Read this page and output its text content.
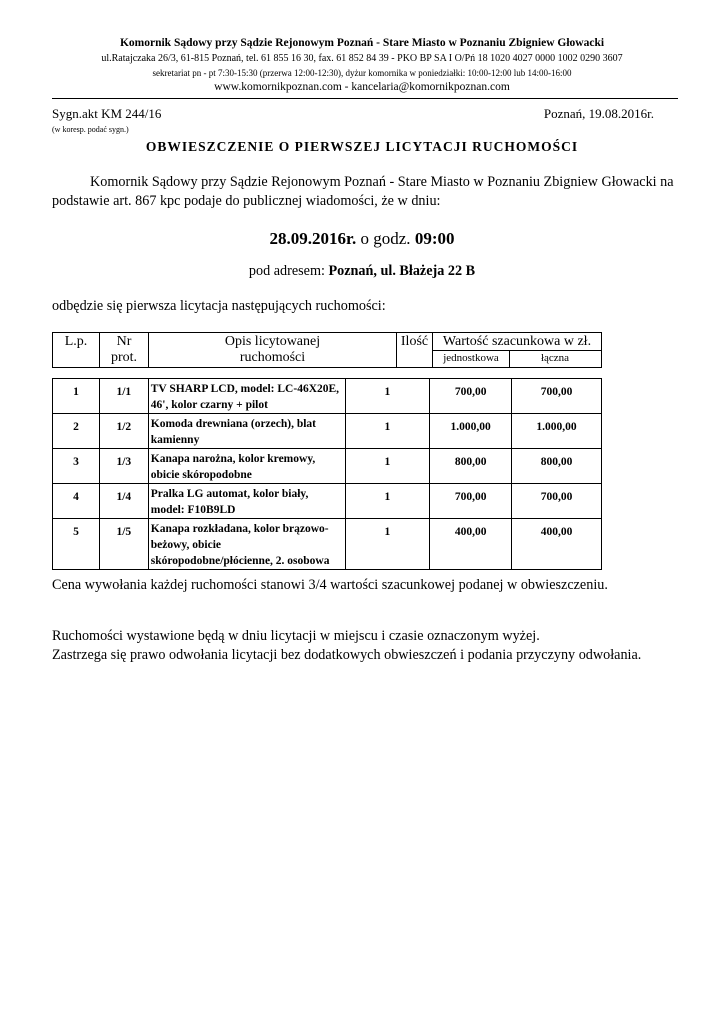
Komornik Sądowy przy Sądzie Rejonowym Poznań - Stare Miasto w Poznaniu Zbigniew Głowacki
ul.Ratajczaka 26/3, 61-815 Poznań, tel. 61 855 16 30, fax. 61 852 84 39 - PKO BP SA I O/Pń 18 1020 4027 0000 1002 0290 3607
sekretariat pn - pt 7:30-15:30 (przerwa 12:00-12:30), dyżur komornika w poniedziałki: 10:00-12:00 lub 14:00-16:00
www.komornikpoznan.com - kancelaria@komornikpoznan.com
Sygn.akt KM 244/16	Poznań, 19.08.2016r.
(w koresp. podać sygn.)
OBWIESZCZENIE O PIERWSZEJ LICYTACJI RUCHOMOŚCI
Komornik Sądowy przy Sądzie Rejonowym Poznań - Stare Miasto w Poznaniu Zbigniew Głowacki na podstawie art. 867 kpc podaje do publicznej wiadomości, że w dniu:
28.09.2016r. o godz. 09:00
pod adresem: Poznań, ul. Błażeja 22 B
odbędzie się pierwsza licytacja następujących ruchomości:
L.p.	Nr
prot.
Opis licytowanej
ruchomości
Ilość	Wartość szacunkowa w zł.
jednostkowa	łączna
1	1/1	TV SHARP LCD, model: LC-46X20E, 46', kolor czarny + pilot	1	700,00	700,00
2	1/2	Komoda drewniana (orzech), blat kamienny	1	1.000,00	1.000,00
3	1/3	Kanapa narożna, kolor kremowy, obicie skóropodobne	1	800,00	800,00
4	1/4	Pralka LG automat, kolor biały, model: F10B9LD	1	700,00	700,00
5	1/5	Kanapa rozkładana, kolor brązowo-beżowy, obicie skóropodobne/płócienne, 2. osobowa	1	400,00	400,00
Cena wywołania każdej ruchomości stanowi 3/4 wartości szacunkowej podanej w obwieszczeniu.
Ruchomości wystawione będą w dniu licytacji w miejscu i czasie oznaczonym wyżej.
Zastrzega się prawo odwołania licytacji bez dodatkowych obwieszczeń i podania przyczyny odwołania.
